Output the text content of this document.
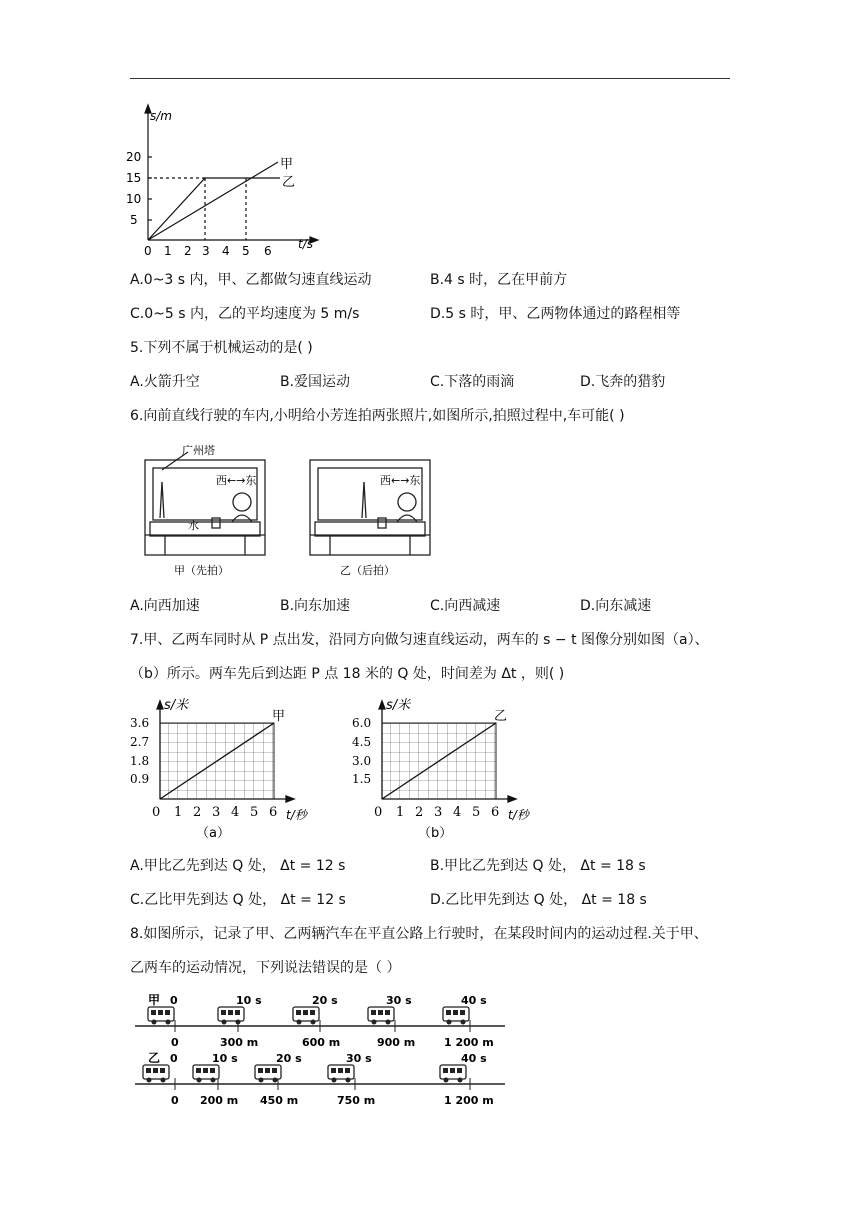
s/m
5
10
15
20
0 1 2 3 4 5 6 t/s
甲
乙
A.0~3 s 内，甲、乙都做匀速直线运动	B.4 s 时，乙在甲前方
C.0~5 s 内，乙的平均速度为 5 m/s	D.5 s 时，甲、乙两物体通过的路程相等
5.下列不属于机械运动的是( )
A.火箭升空	B.爱国运动	C.下落的雨滴	D.飞奔的猎豹
6.向前直线行驶的车内,小明给小芳连拍两张照片,如图所示,拍照过程中,车可能( )
广州塔
西←→东	西←→东
水
甲（先拍）	乙（后拍）
A.向西加速	B.向东加速	C.向西减速	D.向东减速
7.甲、乙两车同时从 P 点出发，沿同方向做匀速直线运动，两车的 s − t 图像分别如图（a）、
（b）所示。两车先后到达距 P 点 18 米的 Q 处，时间差为 Δt ，则( )
s/米
0.9
1.8
2.7
3.6
0 1 2 3 4 5 6 t/秒
甲
（a）
s/米
1.5
3.0
4.5
6.0
0 1 2 3 4 5 6 t/秒
乙
（b）
A.甲比乙先到达 Q 处， Δt = 12 s	B.甲比乙先到达 Q 处， Δt = 18 s
C.乙比甲先到达 Q 处， Δt = 12 s	D.乙比甲先到达 Q 处， Δt = 18 s
8.如图所示，记录了甲、乙两辆汽车在平直公路上行驶时，在某段时间内的运动过程.关于甲、
乙两车的运动情况，下列说法错误的是（ ）
甲 0	10 s	20 s	30 s	40 s
0	300 m	600 m	900 m	1 200 m
乙 0	10 s	20 s	30 s	40 s
0 200 m 450 m	750 m	1 200 m
